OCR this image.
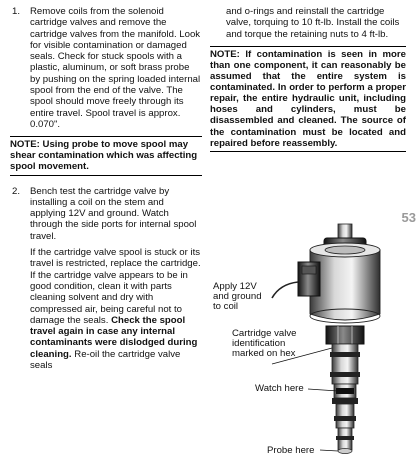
1. Remove coils from the solenoid cartridge valves and remove the cartridge valves from the manifold. Look for visible contamination or damaged seals. Check for stuck spools with a plastic, aluminum, or soft brass probe by pushing on the spring loaded internal spool from the end of the valve. The spool should move freely through its entire travel. Spool travel is approx. 0.070".

NOTE: Using probe to move spool may shear contamination which was affecting spool movement.
2. Bench test the cartridge valve by installing a coil on the stem and applying 12V and ground. Watch through the side ports for internal spool travel.

If the cartridge valve spool is stuck or its travel is restricted, replace the cartridge. If the cartridge valve appears to be in good condition, clean it with parts cleaning solvent and dry with compressed air, being careful not to damage the seals. Check the spool travel again in case any internal contaminants were dislodged during cleaning. Re-oil the cartridge valve seals

and o-rings and reinstall the cartridge valve, torquing to 10 ft-lb. Install the coils and torque the retaining nuts to 4 ft-lb.
NOTE: If contamination is seen in more than one component, it can reasonably be assumed that the entire system is contaminated. In order to perform a proper repair, the entire hydraulic unit, including hoses and cylinders, must be disassembled and cleaned. The source of the contamination must be located and repaired before reassembly.
53
Apply 12V
and ground
to coil
Cartridge valve
identification
marked on hex
Watch here
Probe here
